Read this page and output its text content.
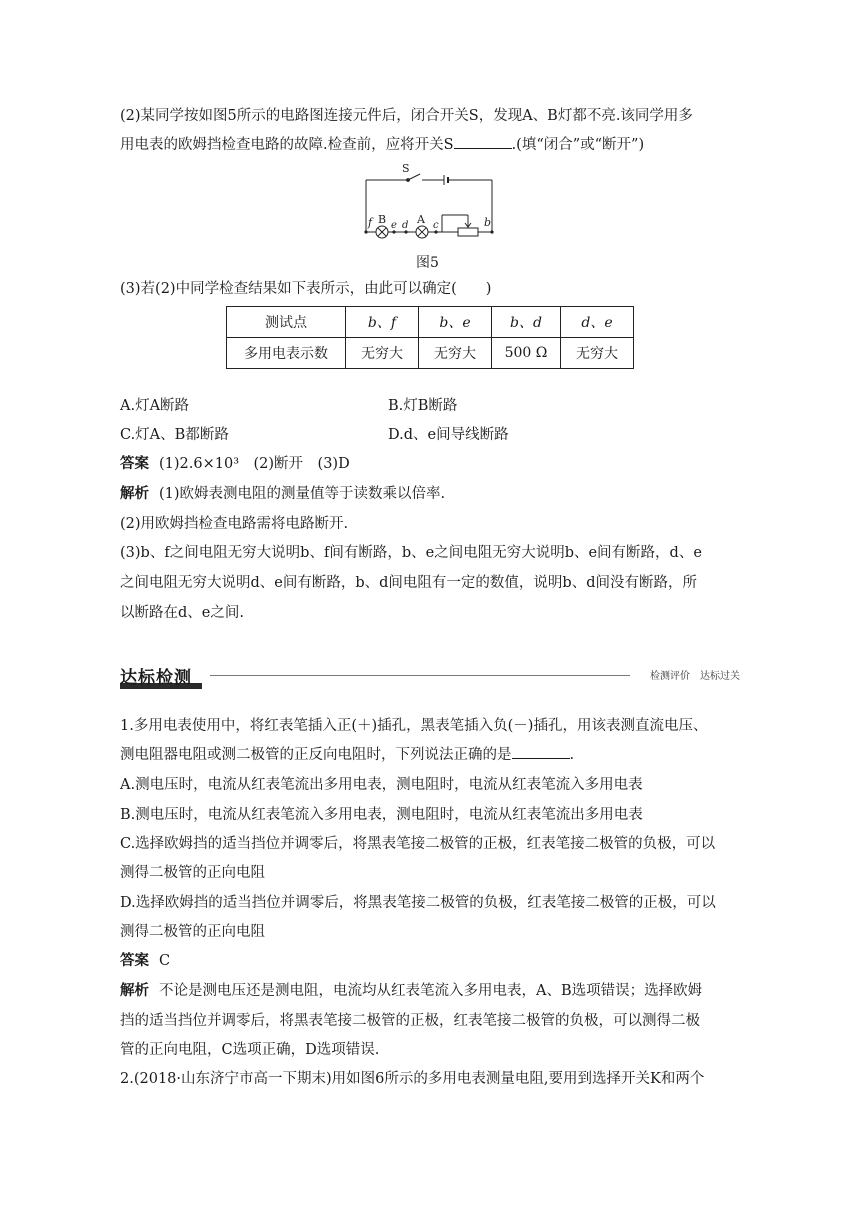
(2)某同学按如图5所示的电路图连接元件后，闭合开关S，发现A、B灯都不亮.该同学用多
用电表的欧姆挡检查电路的故障.检查前，应将开关S	.(填“闭合”或“断开”)
S
f B e d A c	b
图5
(3)若(2)中同学检查结果如下表所示，由此可以确定(　　)
测试点	b、f	b、e	b、d	d、e
多用电表示数	无穷大	无穷大	500 Ω	无穷大
A.灯A断路	B.灯B断路
C.灯A、B都断路	D.d、e间导线断路
答案 (1)2.6×10³　(2)断开　(3)D
解析 (1)欧姆表测电阻的测量值等于读数乘以倍率.
(2)用欧姆挡检查电路需将电路断开.
(3)b、f之间电阻无穷大说明b、f间有断路，b、e之间电阻无穷大说明b、e间有断路，d、e
之间电阻无穷大说明d、e间有断路，b、d间电阻有一定的数值，说明b、d间没有断路，所
以断路在d、e之间.
达标检测	检测评价　达标过关
1.多用电表使用中，将红表笔插入正(＋)插孔，黑表笔插入负(－)插孔，用该表测直流电压、
测电阻器电阻或测二极管的正反向电阻时，下列说法正确的是	.
A.测电压时，电流从红表笔流出多用电表，测电阻时，电流从红表笔流入多用电表
B.测电压时，电流从红表笔流入多用电表，测电阻时，电流从红表笔流出多用电表
C.选择欧姆挡的适当挡位并调零后，将黑表笔接二极管的正极，红表笔接二极管的负极，可以
测得二极管的正向电阻
D.选择欧姆挡的适当挡位并调零后，将黑表笔接二极管的负极，红表笔接二极管的正极，可以
测得二极管的正向电阻
答案 C
解析 不论是测电压还是测电阻，电流均从红表笔流入多用电表，A、B选项错误；选择欧姆
挡的适当挡位并调零后，将黑表笔接二极管的正极，红表笔接二极管的负极，可以测得二极
管的正向电阻，C选项正确，D选项错误.
2.(2018·山东济宁市高一下期末)用如图6所示的多用电表测量电阻,要用到选择开关K和两个
